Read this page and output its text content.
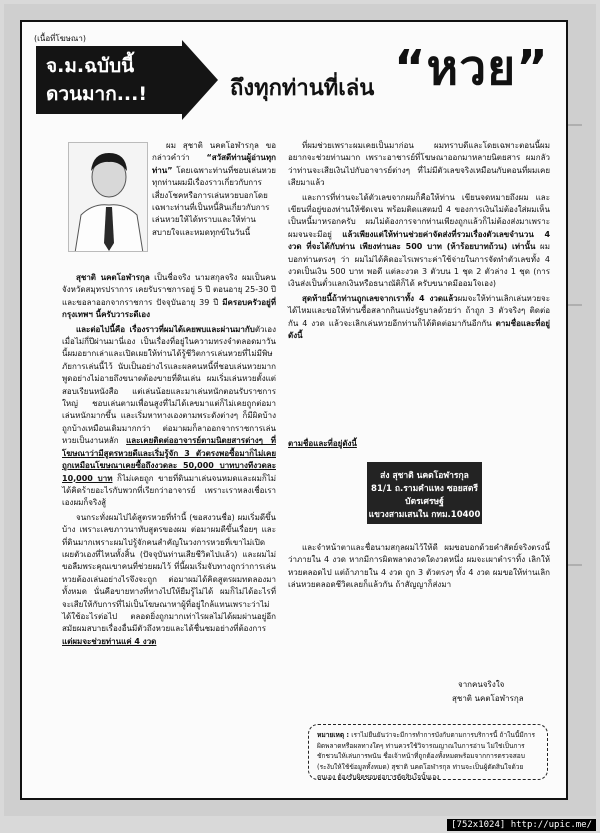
(เนื้อที่โฆษณา)
จ.ม.ฉบับนี้
ดวนมาก...!	ถึงทุกท่านที่เล่น “หวย”

ผม สุชาติ นคตโอฬารกุล ขอกล่าวคำว่า “สวัสดีท่านผู้อ่านทุกท่าน” โดยเฉพาะท่านที่ชอบเล่นหวย ทุกท่านผมมีเรื่องราวเกี่ยวกับการเสี่ยงโชคหรือการเล่นหวยบอกโดยเฉพาะท่านที่เป็นหนี้สินเกี่ยวกับการเล่นหวยให้ได้ทราบและให้ท่านสบายใจและหมดทุกข์ในวันนี้

สุชาติ นคตโอฬารกุล เป็นชื่อจริง นามสกุลจริง ผมเป็นคนจังหวัดสมุทรปราการ เคยรับราชการอยู่ 5 ปี ตอนอายุ 25-30 ปี และขอลาออกจากราชการ ปัจจุบันอายุ 39 ปี มีครอบครัวอยู่ที่กรุงเทพฯ นี้ครับวาระดีเอง

และต่อไปนี้คือ เรื่องราวที่ผมได้เคยพบและผ่านมากับตัวเองเมื่อไม่กี่ปีผ่านมานี่เอง เป็นเรื่องที่อยู่ในความทรงจำตลอดมาวันนี้ผมอยากเล่าและเปิดเผยให้ท่านได้รู้ชีวิตการเล่นหวยที่ไม่มีพิษภัยการเล่นนี้ไว้ นับเป็นอย่างไรและผลคนหนี้ที่ชอบเล่นหวยมาก พูดอย่างไม่อายถึงขนาดต้องขายที่ดินเล่น ผมเริ่มเล่นหวยตั้งแต่สอบเรียนหนังสือ แต่เล่นน้อยและมาเล่นหนักตอนรับราชการใหญ่ ชอบเล่นตามเพื่อนสูงที่ไม่ได้เลขมาแต่ก็ไม่เคยถูกต่อมาเล่นหนักมากขึ้น และเริ่มหาทางเองตามพระดังต่างๆ ก็มีผิดบ้างถูกบ้างเหมือนเดิมมากกว่า ต่อมาผมก็ลาออกจากราชการเล่นหวยเป็นงานหลัก และเคยติดต่ออาจารย์ตามนิตยสารต่างๆ ที่โฆษณาว่ามีสูตรหวยดีและเริ่มรู้จัก 3 ตัวตรงพอซื้อมาก็ไม่เคยถูกเหมือนโฆษณาเคยซื้อถึงงวดละ 50,000 บาทบางทีงวดละ 10,000 บาท ก็ไม่เคยถูก ขายที่ดินมาเล่นจนหมดและผมก็ไม่ได้คิดร้ายอะไรกับพวกที่เรียกว่าอาจารย์ เพราะเราหลงเชื่อเราเองผมก็จริงสู้

จนกระทั่งผมไปได้สูตรหวยที่ทำนี้ (ขอสงวนชื่อ) ผมเริ่มดีขึ้นบ้าง เพราะเลขภาวนาทับสูตรของผม ต่อมาผมดีขึ้นเรื่อยๆ และที่ดินมากเพราะผมไปรู้จักคนสำคัญในวงการหวยที่เขาไม่เปิดเผยตัวเองที่ไหนทั้งสิ้น (ปัจจุบันท่านเสียชีวิตไปแล้ว) และผมไม่ขอลืมพระคุณเขาคนที่ช่วยผมไว้ ที่นี้ผมเริ่มจับทางถูกว่าการเล่นหวยต้องเล่นอย่างไรจึงจะถูก ต่อมาผมได้คิดสูตรผมทดลองมาทั้งหมด นั่นคือขายทางที่ทางไปให้ยืมรู้ไม่ได้ ผมก็ไม่ได้อะไรที่จะเสียให้กับการที่ไม่เป็นโฆษณาหาผู้ที่อยู่ใกล้แทนเพราะว่าไม่ได้ใช้อะไรต่อไป ตลอดยิ่งถูกมากเท่าไรผลไม่ได้ผมผ่านอยู่อีกสมัยผมสบายเรื่องอื่นมีตัวถึงหวยและได้ชื่นชมอย่างที่ต้องการ แต่ผมจะช่วยท่านแค่ 4 งวด

ที่ผมช่วยเพราะผมเคยเป็นมาก่อน ผมทราบดีและโดยเฉพาะตอนนี้ผมอยากจะช่วยท่านมาก เพราะอาชารย์ที่โฆษณาออกมาหลายนิตยสาร ผมกลัวว่าท่านจะเสียเงินไปกับอาจารย์ต่างๆ ที่ไม่มีตัวเลขจริงเหมือนกับตอนที่ผมเคยเสียมาแล้ว

และการที่ท่านจะได้ตัวเลขจากผมก็คือให้ท่าน เขียนจดหมายถึงผม และเขียนที่อยู่ของท่านให้ชัดเจน พร้อมติดแสตมป์ 4 ของการเงินไม่ต้องใส่ผมเห็นเป็นหนี้มาหรอกครับ ผมไม่ต้องการจากท่านเพียงถูกแล้วก็ไม่ต้องส่งมาเพราะผมจนจะมีอยู่ แล้วเพียงแต่ให้ท่านช่วยค่าจัดส่งที่รวมเรื่องตัวเลขจำนวน 4 งวด ที่จะได้กับท่าน เพียงท่านละ 500 บาท (ห้าร้อยบาทถ้วน) เท่านั้น ผมบอกท่านตรงๆ ว่า ผมไม่ได้คิดอะไรเพราะค่าใช้จ่ายในการจัดทำตัวเลขทั้ง 4 งวดเป็นเงิน 500 บาท พอดี แต่ละงวด 3 ตัวบน 1 ชุด 2 ตัวล่าง 1 ชุด (การเงินส่งเป็นตั๋วแลกเงินหรือธนาณัติก็ได้ ครับขนาดมีออมใจเอง)

สุดท้ายนี้ถ้าท่านถูกเลขจากเราทั้ง 4 งวดแล้วผมจะให้ท่านเลิกเล่นหวยจะได้ไหมและขอให้ท่านซื้อสลากกินแบ่งรัฐบาลด้วยว่า ถ้าถูก 3 ตัวจริงๆ ติดต่อกัน 4 งวด แล้วจะเลิกเล่นหวยอีกท่านก็ได้ติดต่อมากันอีกกัน ตามชื่อและที่อยู่ดังนี้

ตามชื่อและที่อยู่ดังนี้

ส่ง สุชาติ นคตโอฬารกุล
81/1 ถ.รามคำแหง ซอยสตรีบัตรเศรษฐ์
แขวงสามเสนใน กทม.10400

และจำหน้าตาและชื่อนามสกุลผมไว้ให้ดี ผมขอบอกด้วยคำสัตย์จริงตรงนี้ว่าภายใน 4 งวด หากมีการผิดพลาดงวดใดงวดหนึ่ง ผมจะเผาตำราทิ้ง เลิกให้หวยตลอดไป แต่ถ้าภายใน 4 งวด ถูก 3 ตัวตรงๆ ทั้ง 4 งวด ผมขอให้ท่านเลิกเล่นหวยตลอดชีวิตเลยก็แล้วกัน ถ้าสัญญาก็ส่งมา

จากคนจริงใจ
สุชาติ นคตโอฬารกุล
หมายเหตุ : เราไม่ยืนยันว่าจะมีการทำการบังกับตามการบริการนี้ ถ้าในนี้มีการผิดพลาดหรือผลทางใดๆ ท่านควรใช้วิจารณญาณในการอ่าน ไม่ใช่เป็นการชักชวนให้เล่นการพนัน ชื่อเจ้าหน้าที่ถูกต้องทั้งหมดพร้อมจากการตรวจสอบ (ระงับให้ใช้ข้อมูลทั้งหมด) สุชาติ นคตโอฬารกุล ท่านจะเป็นผู้ตัดสินใจด้วยตนเอง ต้องรับผิดชอบต่อการตัดสินใจนั้นเอง
[752x1024] http://upic.me/
